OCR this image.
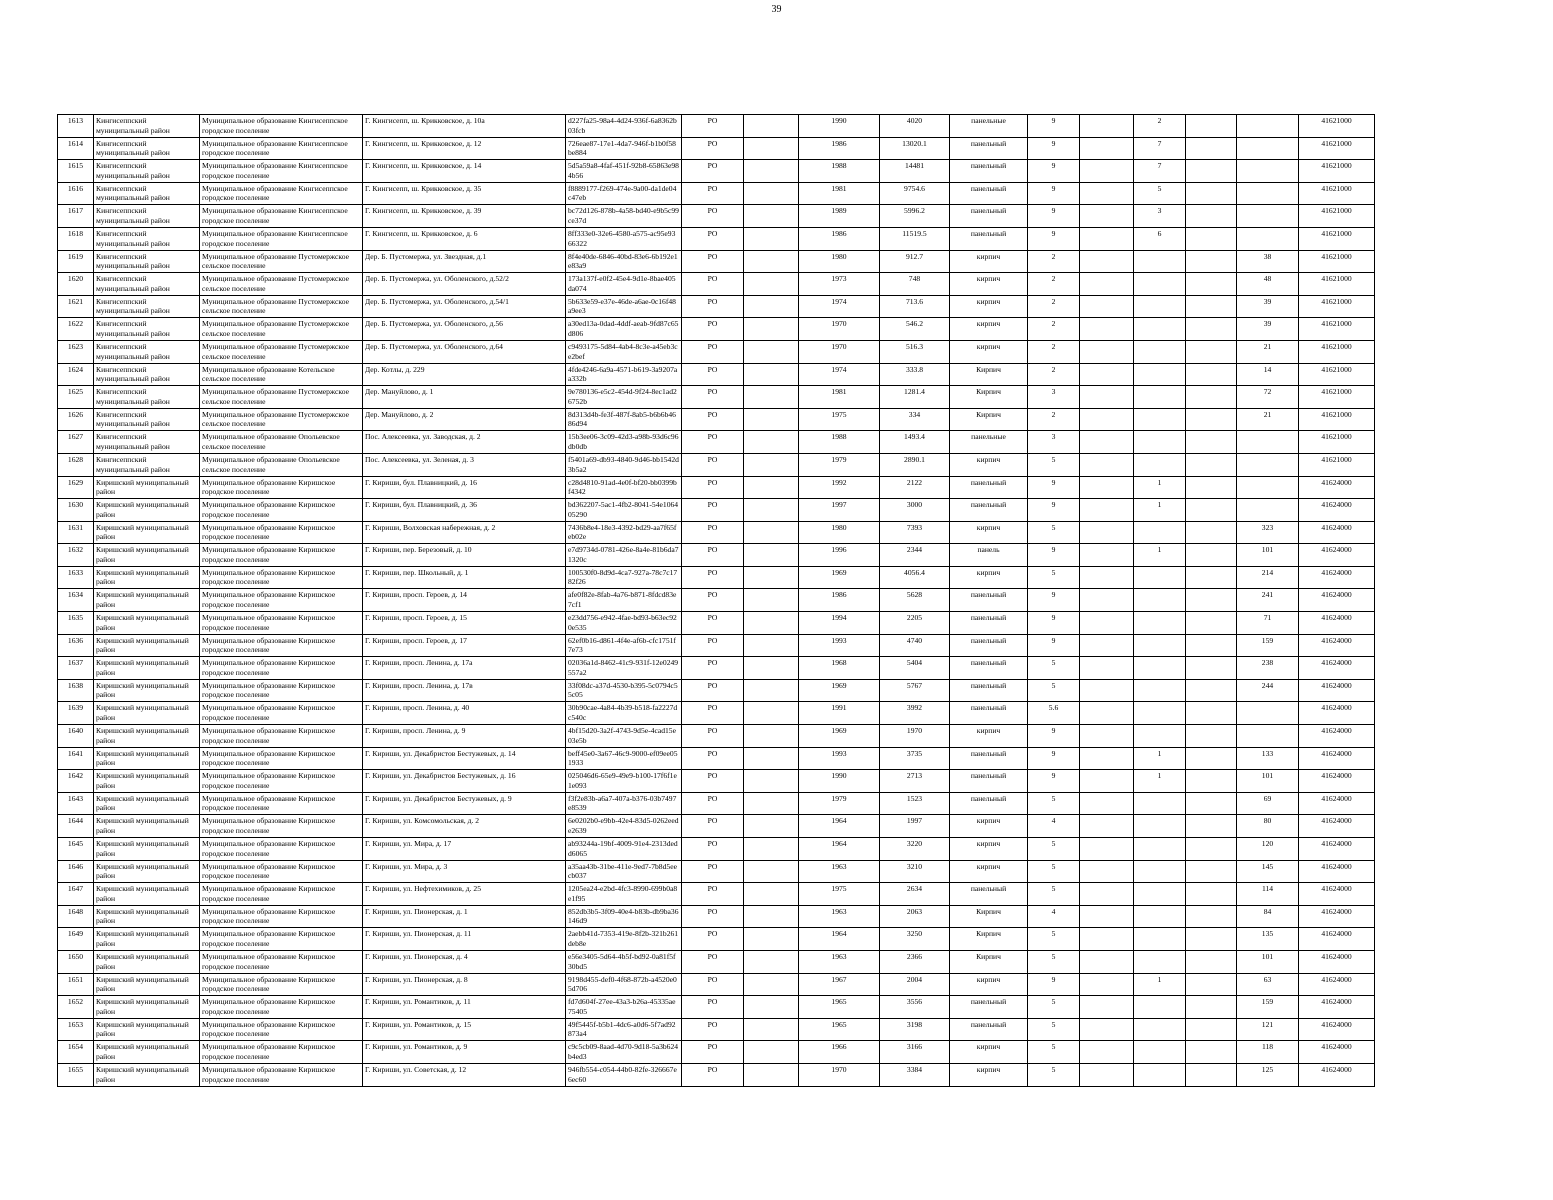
39
1613	Кингисеппский муниципальный район	Муниципальное образование Кингисеппское городское поселение	Г. Кингисепп, ш. Крикковское, д. 10а	d227fa25-98a4-4d24-936f-6a8362b03fcb	РО		1990	4020	панельные	9		2			41621000
1614	Кингисеппский муниципальный район	Муниципальное образование Кингисеппское городское поселение	Г. Кингисепп, ш. Крикковское, д. 12	726eae87-17e1-4da7-946f-b1b0f58be884	РО		1986	13020.1	панельный	9		7			41621000
1615	Кингисеппский муниципальный район	Муниципальное образование Кингисеппское городское поселение	Г. Кингисепп, ш. Крикковское, д. 14	5d5a59a8-4faf-451f-92b8-65863e984b56	РО		1988	14481	панельный	9		7			41621000
1616	Кингисеппский муниципальный район	Муниципальное образование Кингисеппское городское поселение	Г. Кингисепп, ш. Крикковское, д. 35	f8889177-f269-474e-9a00-da1de04c47eb	РО		1981	9754.6	панельный	9		5			41621000
1617	Кингисеппский муниципальный район	Муниципальное образование Кингисеппское городское поселение	Г. Кингисепп, ш. Крикковское, д. 39	bc72d126-878b-4a58-bd40-e9b5c99ce37d	РО		1989	5996.2	панельный	9		3			41621000
1618	Кингисеппский муниципальный район	Муниципальное образование Кингисеппское городское поселение	Г. Кингисепп, ш. Крикковское, д. 6	8ff333e0-32e6-4580-a575-ac95e9366322	РО		1986	11519.5	панельный	9		6			41621000
1619	Кингисеппский муниципальный район	Муниципальное образование Пустомержское сельское поселение	Дер. Б. Пустомержа, ул. Звездная, д.1	8f4e40de-6846-40bd-83e6-6b192e1e83a9	РО		1980	912.7	кирпич	2				38	41621000
1620	Кингисеппский муниципальный район	Муниципальное образование Пустомержское сельское поселение	Дер. Б. Пустомержа, ул. Оболенского, д.52/2	173a137f-e0f2-45e4-9d1e-8bae405da074	РО		1973	748	кирпич	2				48	41621000
1621	Кингисеппский муниципальный район	Муниципальное образование Пустомержское сельское поселение	Дер. Б. Пустомержа, ул. Оболенского, д.54/1	5b633e59-e37e-46de-a6ae-0c16f48a9ee3	РО		1974	713.6	кирпич	2				39	41621000
1622	Кингисеппский муниципальный район	Муниципальное образование Пустомержское сельское поселение	Дер. Б. Пустомержа, ул. Оболенского, д.56	a30ed13a-0dad-4ddf-aeab-9fd87c65d806	РО		1970	546.2	кирпич	2				39	41621000
1623	Кингисеппский муниципальный район	Муниципальное образование Пустомержское сельское поселение	Дер. Б. Пустомержа, ул. Оболенского, д.64	c9493175-5d84-4ab4-8c3e-a45eb3ce2bef	РО		1970	516.3	кирпич	2				21	41621000
1624	Кингисеппский муниципальный район	Муниципальное образование Котельское сельское поселение	Дер. Котлы, д. 229	4fde4246-6a9a-4571-b619-3a9207aa332b	РО		1974	333.8	Кирпич	2				14	41621000
1625	Кингисеппский муниципальный район	Муниципальное образование Пустомержское сельское поселение	Дер. Мануйлово, д. 1	9e780136-e5c2-454d-9f24-8ec1ad26752b	РО		1981	1281.4	Кирпич	3				72	41621000
1626	Кингисеппский муниципальный район	Муниципальное образование Пустомержское сельское поселение	Дер. Мануйлово, д. 2	8d313d4b-fe3f-487f-8ab5-b6b6b4686d94	РО		1975	334	Кирпич	2				21	41621000
1627	Кингисеппский муниципальный район	Муниципальное образование Опольевское сельское поселение	Пос. Алексеевка, ул. Заводская, д. 2	15b3ee06-3c09-42d3-a98b-93d6c96db0db	РО		1988	1493.4	панельные	3					41621000
1628	Кингисеппский муниципальный район	Муниципальное образование Опольевское сельское поселение	Пос. Алексеевка, ул. Зеленая, д. 3	f5401a69-db93-4840-9d46-bb1542d3b5a2	РО		1979	2890.1	кирпич	5					41621000
1629	Киришский муниципальный район	Муниципальное образование Киришское городское поселение	Г. Кириши, бул. Плавницкий, д. 16	c28d4810-91ad-4e0f-bf20-bb0399bf4342	РО		1992	2122	панельный	9		1			41624000
1630	Киришский муниципальный район	Муниципальное образование Киришское городское поселение	Г. Кириши, бул. Плавницкий, д. 36	bd362207-5ac1-4fb2-8041-54e106405290	РО		1997	3000	панельный	9		1			41624000
1631	Киришский муниципальный район	Муниципальное образование Киришское городское поселение	Г. Кириши, Волховская набережная, д. 2	7436b8e4-18e3-4392-bd29-aa7f65feb02e	РО		1980	7393	кирпич	5				323	41624000
1632	Киришский муниципальный район	Муниципальное образование Киришское городское поселение	Г. Кириши, пер. Березовый, д. 10	e7d9734d-0781-426e-8a4e-81b6da71320c	РО		1996	2344	панель	9		1		101	41624000
1633	Киришский муниципальный район	Муниципальное образование Киришское городское поселение	Г. Кириши, пер. Школьный, д. 1	100530f0-8d9d-4ca7-927a-78c7c1782f26	РО		1969	4056.4	кирпич	5				214	41624000
1634	Киришский муниципальный район	Муниципальное образование Киришское городское поселение	Г. Кириши, просп. Героев, д. 14	afe0f82e-8fab-4a76-b871-8fdcd83e7cf1	РО		1986	5628	панельный	9				241	41624000
1635	Киришский муниципальный район	Муниципальное образование Киришское городское поселение	Г. Кириши, просп. Героев, д. 15	e23dd756-e942-4fae-bd93-b63ec920e535	РО		1994	2205	панельный	9				71	41624000
1636	Киришский муниципальный район	Муниципальное образование Киришское городское поселение	Г. Кириши, просп. Героев, д. 17	62ef0b16-d861-4f4e-af6b-cfc1751f7e73	РО		1993	4740	панельный	9				159	41624000
1637	Киришский муниципальный район	Муниципальное образование Киришское городское поселение	Г. Кириши, просп. Ленина, д. 17а	02036a1d-8462-41c9-931f-12e0249557a2	РО		1968	5404	панельный	5				238	41624000
1638	Киришский муниципальный район	Муниципальное образование Киришское городское поселение	Г. Кириши, просп. Ленина, д. 17в	33f08dc-a37d-4530-b395-5c0794c55c05	РО		1969	5767	панельный	5				244	41624000
1639	Киришский муниципальный район	Муниципальное образование Киришское городское поселение	Г. Кириши, просп. Ленина, д. 40	30b90cae-4a84-4b39-b518-fa2227dc540c	РО		1991	3992	панельный	5.6					41624000
1640	Киришский муниципальный район	Муниципальное образование Киришское городское поселение	Г. Кириши, просп. Ленина, д. 9	4bf15d20-3a2f-4743-9d5e-4cad15e03e5b	РО		1969	1970	кирпич	9					41624000
1641	Киришский муниципальный район	Муниципальное образование Киришское городское поселение	Г. Кириши, ул. Декабристов Бестужевых, д. 14	beff45e0-3a67-46c9-9000-ef09ee051933	РО		1993	3735	панельный	9		1		133	41624000
1642	Киришский муниципальный район	Муниципальное образование Киришское городское поселение	Г. Кириши, ул. Декабристов Бестужевых, д. 16	025046d6-65e9-49e9-b100-17f6f1e1e093	РО		1990	2713	панельный	9		1		101	41624000
1643	Киришский муниципальный район	Муниципальное образование Киришское городское поселение	Г. Кириши, ул. Декабристов Бестужевых, д. 9	f3f2e83b-a6a7-407a-b376-03b7497e8539	РО		1979	1523	панельный	5				69	41624000
1644	Киришский муниципальный район	Муниципальное образование Киришское городское поселение	Г. Кириши, ул. Комсомольская, д. 2	6e0202b0-e9bb-42e4-83d5-0262eede2639	РО		1964	1997	кирпич	4				80	41624000
1645	Киришский муниципальный район	Муниципальное образование Киришское городское поселение	Г. Кириши, ул. Мира, д. 17	ab93244a-19bf-4009-91e4-2313dedd6065	РО		1964	3220	кирпич	5				120	41624000
1646	Киришский муниципальный район	Муниципальное образование Киришское городское поселение	Г. Кириши, ул. Мира, д. 3	a35aa43b-31be-411e-9ed7-7b8d5eecb037	РО		1963	3210	кирпич	5				145	41624000
1647	Киришский муниципальный район	Муниципальное образование Киришское городское поселение	Г. Кириши, ул. Нефтехимиков, д. 25	1205ea24-e2bd-4fc3-8990-699b0a8e1f95	РО		1975	2634	панельный	5				114	41624000
1648	Киришский муниципальный район	Муниципальное образование Киришское городское поселение	Г. Кириши, ул. Пионерская, д. 1	852db3b5-3f09-40e4-b83b-db9ba36146d9	РО		1963	2063	Кирпич	4				84	41624000
1649	Киришский муниципальный район	Муниципальное образование Киришское городское поселение	Г. Кириши, ул. Пионерская, д. 11	2aebb41d-7353-419e-8f2b-321b261deb8e	РО		1964	3250	Кирпич	5				135	41624000
1650	Киришский муниципальный район	Муниципальное образование Киришское городское поселение	Г. Кириши, ул. Пионерская, д. 4	e56e3405-5d64-4b5f-bd92-0a81f5f30bd5	РО		1963	2366	Кирпич	5				101	41624000
1651	Киришский муниципальный район	Муниципальное образование Киришское городское поселение	Г. Кириши, ул. Пионерская, д. 8	9198d455-def0-4f68-872b-a4520e05d706	РО		1967	2004	кирпич	9		1		63	41624000
1652	Киришский муниципальный район	Муниципальное образование Киришское городское поселение	Г. Кириши, ул. Романтиков, д. 11	fd7d604f-27ee-43a3-b26a-45335ae75405	РО		1965	3556	панельный	5				159	41624000
1653	Киришский муниципальный район	Муниципальное образование Киришское городское поселение	Г. Кириши, ул. Романтиков, д. 15	49f5445f-b5b1-4dc6-a0d6-5f7ad92873a4	РО		1965	3198	панельный	5				121	41624000
1654	Киришский муниципальный район	Муниципальное образование Киришское городское поселение	Г. Кириши, ул. Романтиков, д. 9	c9c5cb09-8aad-4d70-9d18-5a3b624b4ed3	РО		1966	3166	кирпич	5				118	41624000
1655	Киришский муниципальный район	Муниципальное образование Киришское городское поселение	Г. Кириши, ул. Советская, д. 12	946fb554-c054-44b0-82fe-326667e6ec60	РО		1970	3384	кирпич	5				125	41624000
